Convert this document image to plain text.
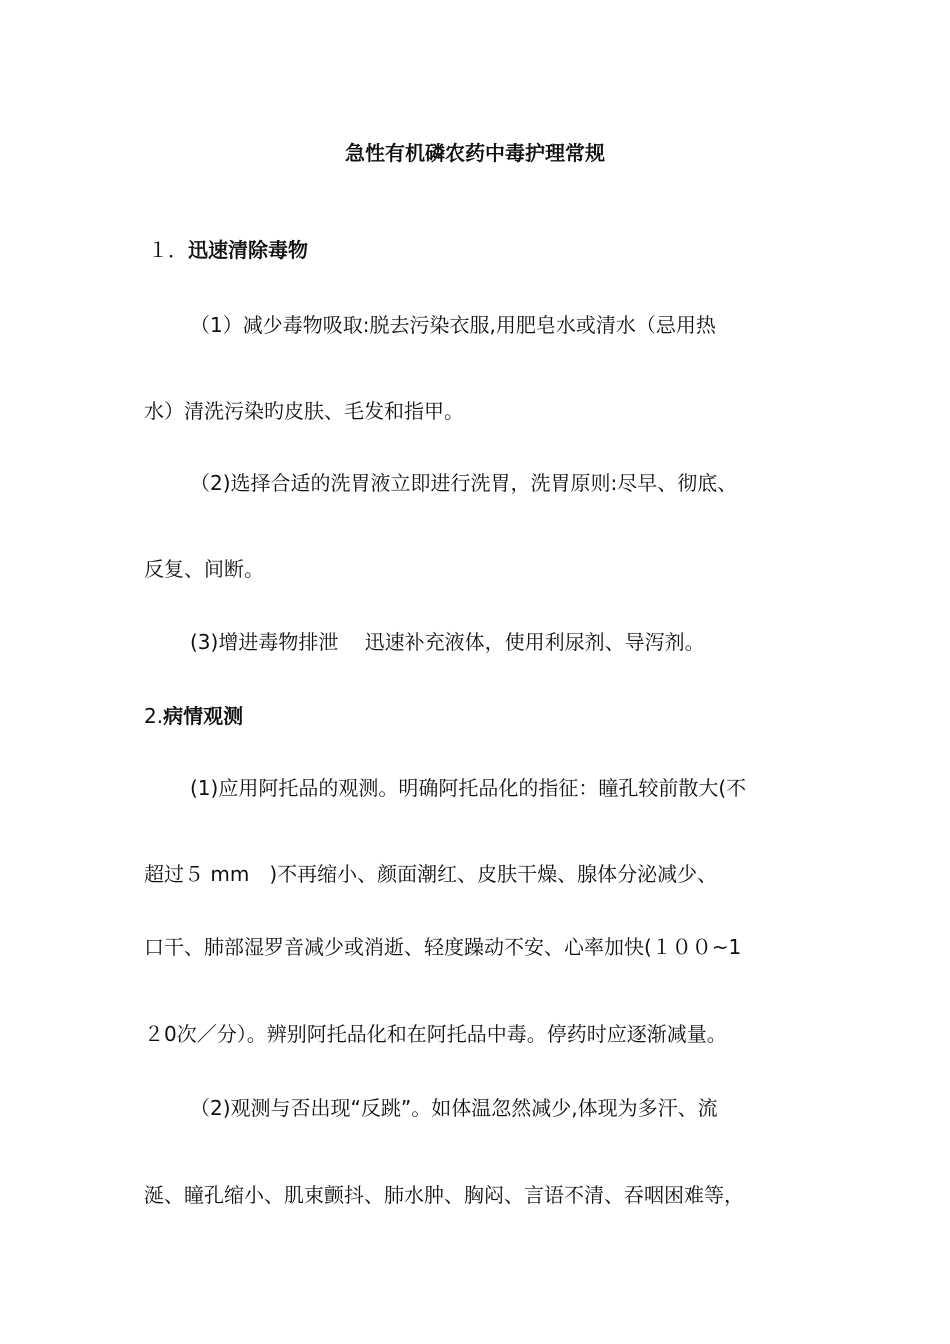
急性有机磷农药中毒护理常规
１．迅速清除毒物
（1）减少毒物吸取:脱去污染衣服,用肥皂水或清水（忌用热
水）清洗污染旳皮肤、毛发和指甲。
（2)选择合适的洗胃液立即进行洗胃，洗胃原则:尽早、彻底、
反复、间断。
(3)增进毒物排泄　 迅速补充液体，使用利尿剂、导泻剂。
2.病情观测
(1)应用阿托品的观测。明确阿托品化的指征：瞳孔较前散大(不
超过５ mm　)不再缩小、颜面潮红、皮肤干燥、腺体分泌减少、
口干、肺部湿罗音减少或消逝、轻度躁动不安、心率加快(１００~1
２0次／分）。辨别阿托品化和在阿托品中毒。停药时应逐渐减量。
（2)观测与否出现“反跳”。如体温忽然减少,体现为多汗、流
涎、瞳孔缩小、肌束颤抖、肺水肿、胸闷、言语不清、吞咽困难等，
